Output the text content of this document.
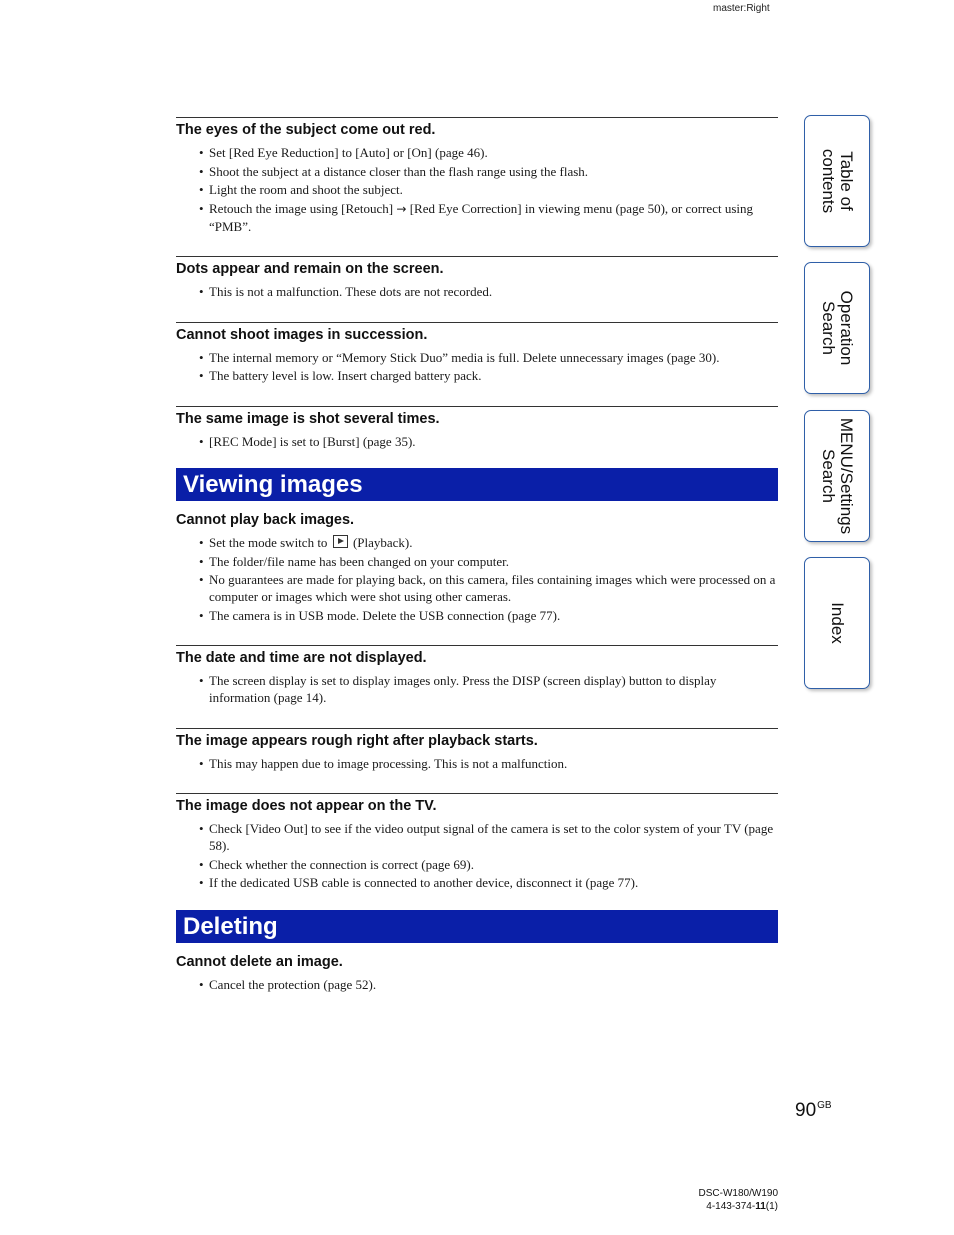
master:Right
The eyes of the subject come out red.
• Set [Red Eye Reduction] to [Auto] or [On] (page 46).
• Shoot the subject at a distance closer than the flash range using the flash.
• Light the room and shoot the subject.
• Retouch the image using [Retouch] → [Red Eye Correction] in viewing menu (page 50), or correct using “PMB”.
Dots appear and remain on the screen.
• This is not a malfunction. These dots are not recorded.
Cannot shoot images in succession.
• The internal memory or “Memory Stick Duo” media is full. Delete unnecessary images (page 30).
• The battery level is low. Insert charged battery pack.
The same image is shot several times.
• [REC Mode] is set to [Burst] (page 35).
Viewing images
Cannot play back images.
• Set the mode switch to  (Playback).
• The folder/file name has been changed on your computer.
• No guarantees are made for playing back, on this camera, files containing images which were processed on a computer or images which were shot using other cameras.
• The camera is in USB mode. Delete the USB connection (page 77).
The date and time are not displayed.
• The screen display is set to display images only. Press the DISP (screen display) button to display information (page 14).
The image appears rough right after playback starts.
• This may happen due to image processing. This is not a malfunction.
The image does not appear on the TV.
• Check [Video Out] to see if the video output signal of the camera is set to the color system of your TV (page 58).
• Check whether the connection is correct (page 69).
• If the dedicated USB cable is connected to another device, disconnect it (page 77).
Deleting
Cannot delete an image.
• Cancel the protection (page 52).
Table of
contents
Operation
Search
MENU/Settings
Search
Index
$90^{GB}$
DSC-W180/W190
4-143-374-11(1)
